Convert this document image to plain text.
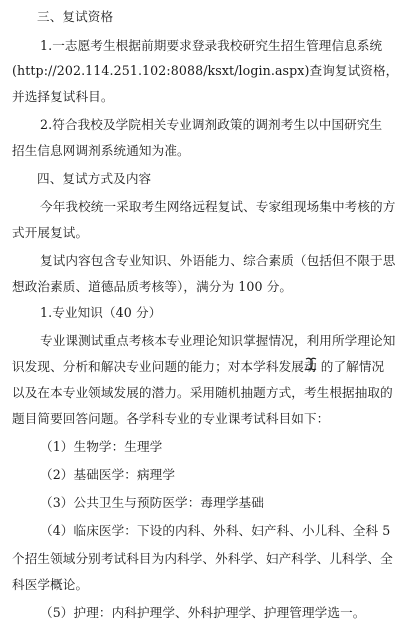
三、复试资格
1.一志愿考生根据前期要求登录我校研究生招生管理信息系统
(http://202.114.251.102:8088/ksxt/login.aspx)查询复试资格，
并选择复试科目。
2.符合我校及学院相关专业调剂政策的调剂考生以中国研究生
招生信息网调剂系统通知为准。
四、复试方式及内容
今年我校统一采取考生网络远程复试、专家组现场集中考核的方
式开展复试。
复试内容包含专业知识、外语能力、综合素质（包括但不限于思
想政治素质、道德品质考核等），满分为 100 分。
1.专业知识（40 分）
专业课测试重点考核本专业理论知识掌握情况，利用所学理论知
识发现、分析和解决专业问题的能力；对本学科发展动 的了解情况
以及在本专业领域发展的潜力。采用随机抽题方式，考生根据抽取的
题目简要回答问题。各学科专业的专业课考试科目如下：
（1）生物学：生理学
（2）基础医学：病理学
（3）公共卫生与预防医学：毒理学基础
（4）临床医学：下设的内科、外科、妇产科、小儿科、全科 5
个招生领域分别考试科目为内科学、外科学、妇产科学、儿科学、全
科医学概论。
（5）护理：内科护理学、外科护理学、护理管理学选一。
